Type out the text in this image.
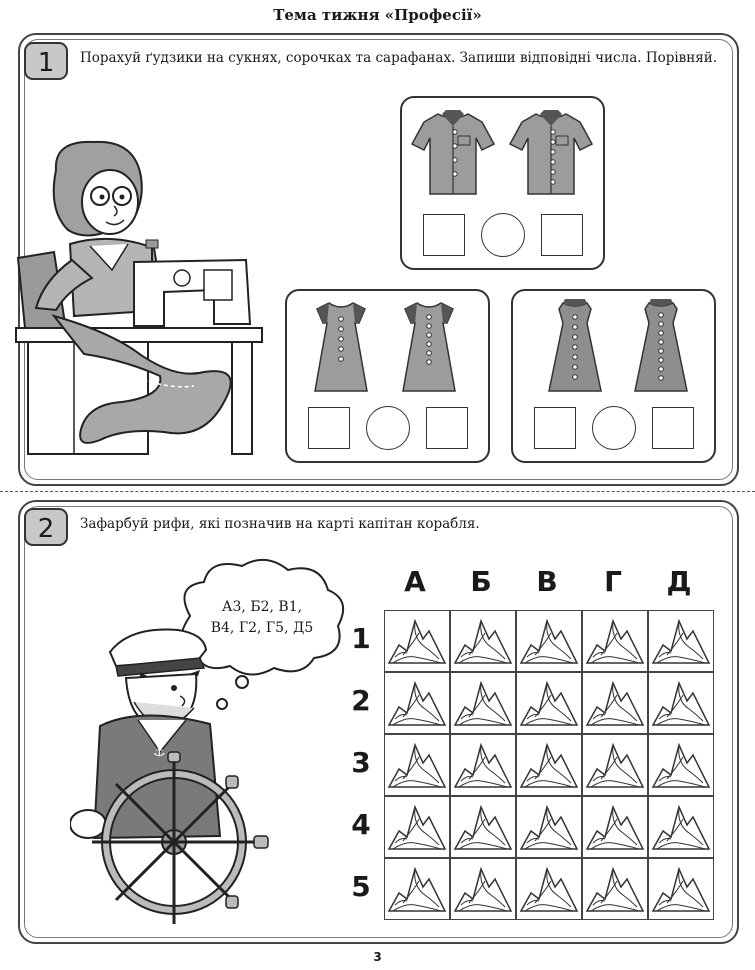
Тема тижня «Професії»
1	Порахуй ґудзики на сукнях, сорочках та сарафанах. Запиши відповідні числа. Порівняй.
2	Зафарбуй рифи, які позначив на карті капітан корабля.
⚓
А3, Б2, В1,
В4, Г2, Г5, Д5
А	Б	В	Г	Д
1
2
3
4
5
3
